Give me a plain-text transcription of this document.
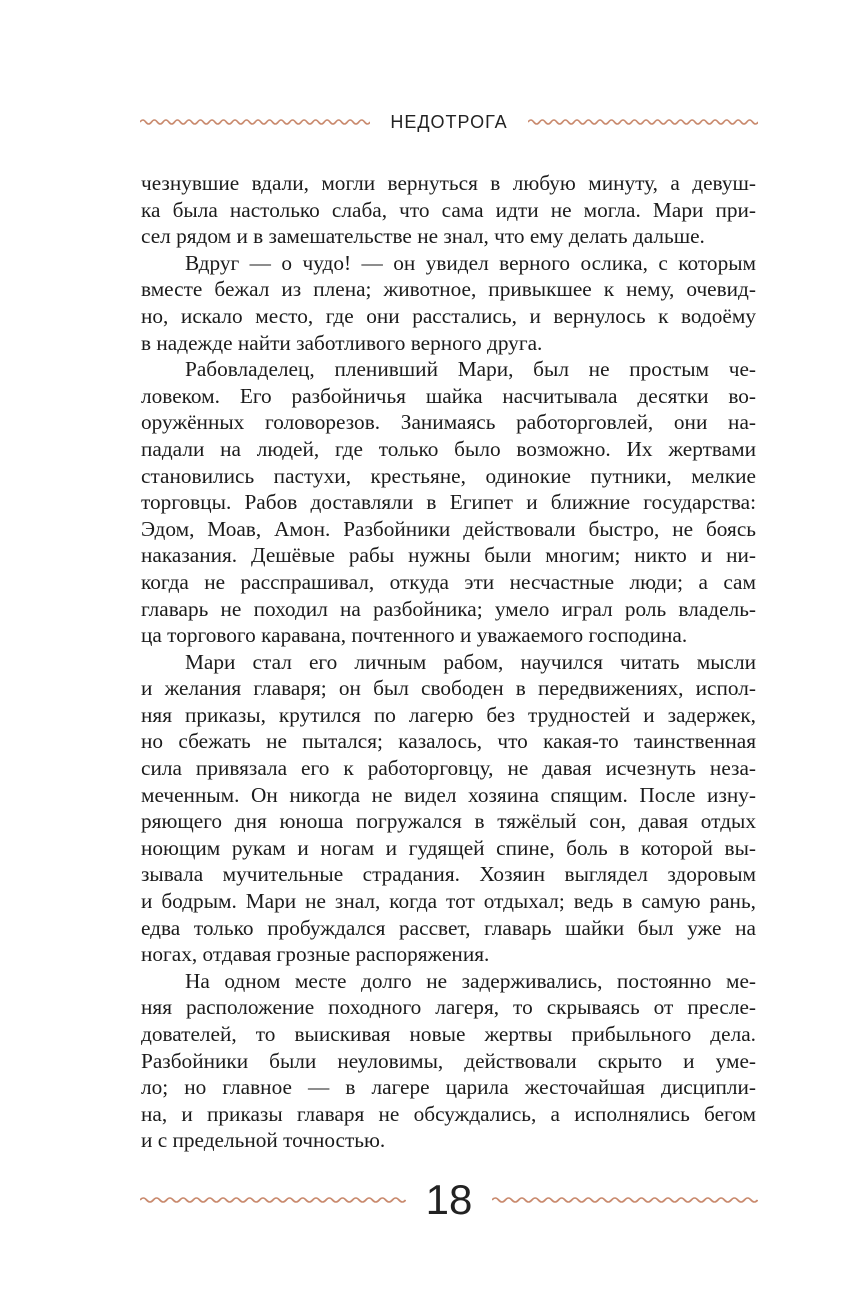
НЕДОТРОГА
чезнувшие вдали, могли вернуться в любую минуту, а девуш-
ка была настолько слаба, что сама идти не могла. Мари при-
сел рядом и в замешательстве не знал, что ему делать дальше.
Вдруг — о чудо! — он увидел верного ослика, с которым
вместе бежал из плена; животное, привыкшее к нему, очевид-
но, искало место, где они расстались, и вернулось к водоёму
в надежде найти заботливого верного друга.
Рабовладелец, пленивший Мари, был не простым че-
ловеком. Его разбойничья шайка насчитывала десятки во-
оружённых головорезов. Занимаясь работорговлей, они на-
падали на людей, где только было возможно. Их жертвами
становились пастухи, крестьяне, одинокие путники, мелкие
торговцы. Рабов доставляли в Египет и ближние государства:
Эдом, Моав, Амон. Разбойники действовали быстро, не боясь
наказания. Дешёвые рабы нужны были многим; никто и ни-
когда не расспрашивал, откуда эти несчастные люди; а сам
главарь не походил на разбойника; умело играл роль владель-
ца торгового каравана, почтенного и уважаемого господина.
Мари стал его личным рабом, научился читать мысли
и желания главаря; он был свободен в передвижениях, испол-
няя приказы, крутился по лагерю без трудностей и задержек,
но сбежать не пытался; казалось, что какая-то таинственная
сила привязала его к работорговцу, не давая исчезнуть неза-
меченным. Он никогда не видел хозяина спящим. После изну-
ряющего дня юноша погружался в тяжёлый сон, давая отдых
ноющим рукам и ногам и гудящей спине, боль в которой вы-
зывала мучительные страдания. Хозяин выглядел здоровым
и бодрым. Мари не знал, когда тот отдыхал; ведь в самую рань,
едва только пробуждался рассвет, главарь шайки был уже на
ногах, отдавая грозные распоряжения.
На одном месте долго не задерживались, постоянно ме-
няя расположение походного лагеря, то скрываясь от пресле-
дователей, то выискивая новые жертвы прибыльного дела.
Разбойники были неуловимы, действовали скрыто и уме-
ло; но главное — в лагере царила жесточайшая дисципли-
на, и приказы главаря не обсуждались, а исполнялись бегом
и с предельной точностью.
18
